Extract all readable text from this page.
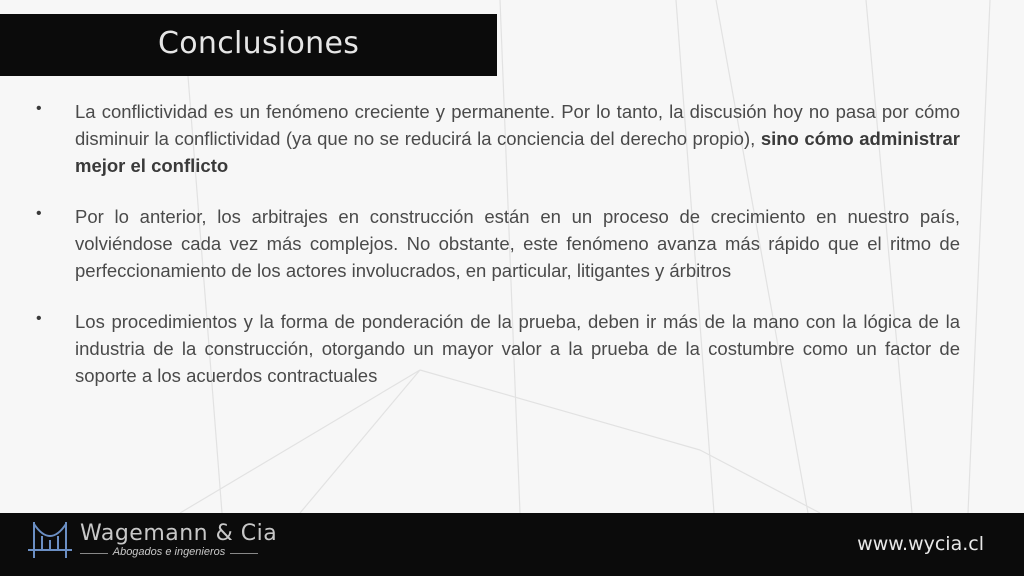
Conclusiones
•	La conflictividad es un fenómeno creciente y permanente. Por lo tanto, la discusión hoy no pasa por cómo disminuir la conflictividad (ya que no se reducirá la conciencia del derecho propio), sino cómo administrar mejor el conflicto
•	Por lo anterior, los arbitrajes en construcción están en un proceso de crecimiento en nuestro país, volviéndose cada vez más complejos. No obstante, este fenómeno avanza más rápido que el ritmo de perfeccionamiento de los actores involucrados, en particular, litigantes y árbitros
•	Los procedimientos y la forma de ponderación de la prueba, deben ir más de la mano con la lógica de la industria de la construcción, otorgando un mayor valor a la prueba de la costumbre como un factor de soporte a los acuerdos contractuales
Wagemann & Cia
Abogados e ingenieros	www.wycia.cl
